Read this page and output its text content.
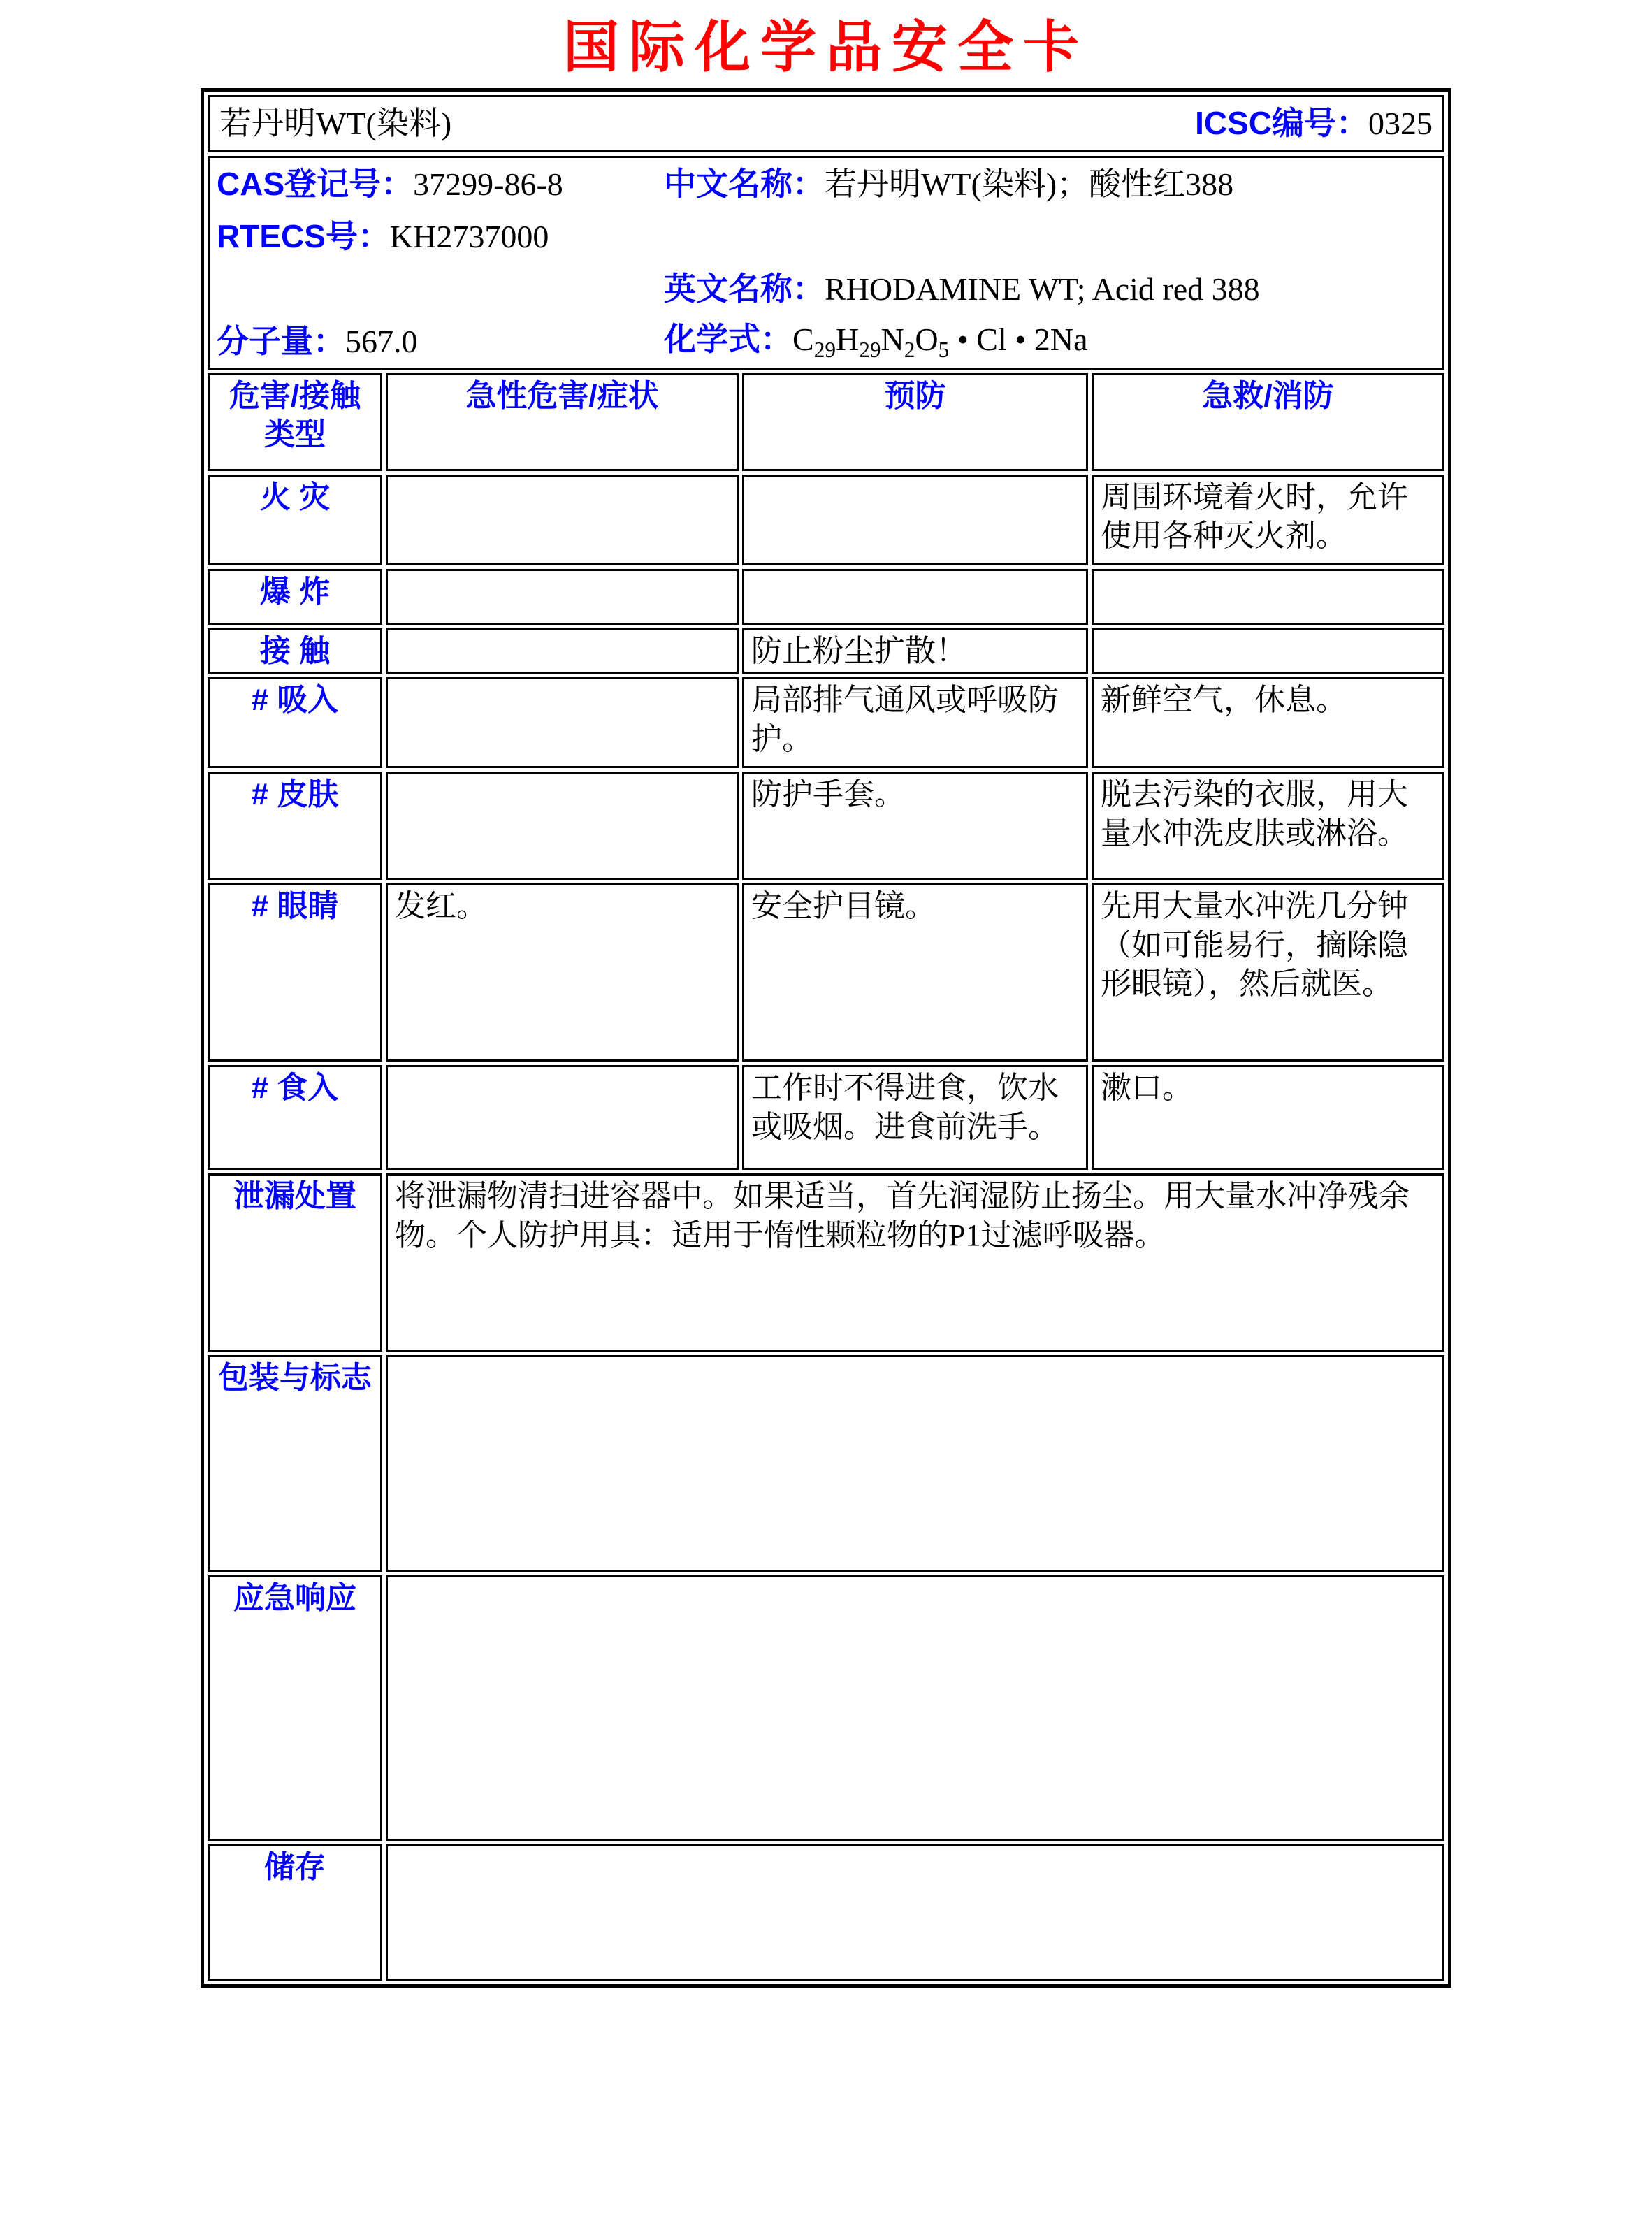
国际化学品安全卡
若丹明WT(染料) ICSC编号：0325			

CAS登记号：37299-86-8	中文名称：若丹明WT(染料)；酸性红388
RTECS号：KH2737000
英文名称：RHODAMINE WT; Acid red 388
分子量：567.0	化学式：$C_{29}H_{29}N_2O_5$ • Cl • 2Na

危害/接触类型	急性危害/症状	预防	急救/消防
火 灾			周围环境着火时，允许使用各种灭火剂。
爆 炸			
接 触		防止粉尘扩散！	
# 吸入		局部排气通风或呼吸防护。	新鲜空气，休息。
# 皮肤		防护手套。	脱去污染的衣服，用大量水冲洗皮肤或淋浴。
# 眼睛	发红。	安全护目镜。	先用大量水冲洗几分钟（如可能易行，摘除隐形眼镜），然后就医。
# 食入		工作时不得进食，饮水或吸烟。进食前洗手。	漱口。
泄漏处置	将泄漏物清扫进容器中。如果适当，首先润湿防止扬尘。用大量水冲净残余物。个人防护用具：适用于惰性颗粒物的P1过滤呼吸器。		
包装与标志			
应急响应			
储存			
